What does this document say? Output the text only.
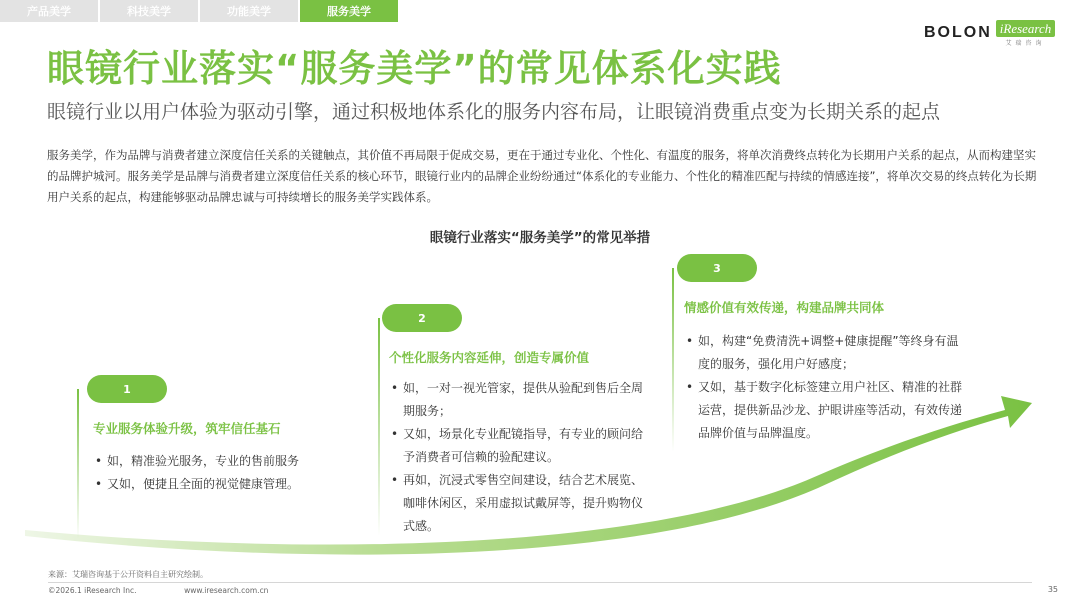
产品美学	科技美学	功能美学	服务美学
BOLON iResearch
艾瑞咨询
眼镜行业落实“服务美学”的常见体系化实践
眼镜行业以用户体验为驱动引擎，通过积极地体系化的服务内容布局，让眼镜消费重点变为长期关系的起点

服务美学，作为品牌与消费者建立深度信任关系的关键触点，其价值不再局限于促成交易，更在于通过专业化、个性化、有温度的服务，将单次消费终点转化为长期用户关系的起点，从而构建坚实的品牌护城河。服务美学是品牌与消费者建立深度信任关系的核心环节，眼镜行业内的品牌企业纷纷通过“体系化的专业能力、个性化的精准匹配与持续的情感连接”，将单次交易的终点转化为长期用户关系的起点，构建能够驱动品牌忠诚与可持续增长的服务美学实践体系。

眼镜行业落实“服务美学”的常见举措
1
专业服务体验升级，筑牢信任基石
• 如，精准验光服务，专业的售前服务
• 又如，便捷且全面的视觉健康管理。
2
个性化服务内容延伸，创造专属价值
• 如，一对一视光管家，提供从验配到售后全周期服务；
• 又如，场景化专业配镜指导，有专业的顾问给予消费者可信赖的验配建议。
• 再如，沉浸式零售空间建设，结合艺术展览、咖啡休闲区，采用虚拟试戴屏等，提升购物仪式感。
3
情感价值有效传递，构建品牌共同体
• 如，构建“免费清洗+调整+健康提醒”等终身有温度的服务，强化用户好感度；
• 又如，基于数字化标签建立用户社区、精准的社群运营，提供新品沙龙、护眼讲座等活动，有效传递品牌价值与品牌温度。
来源：艾瑞咨询基于公开资料自主研究绘制。
©2026.1 iResearch Inc.                    www.iresearch.com.cn	35
